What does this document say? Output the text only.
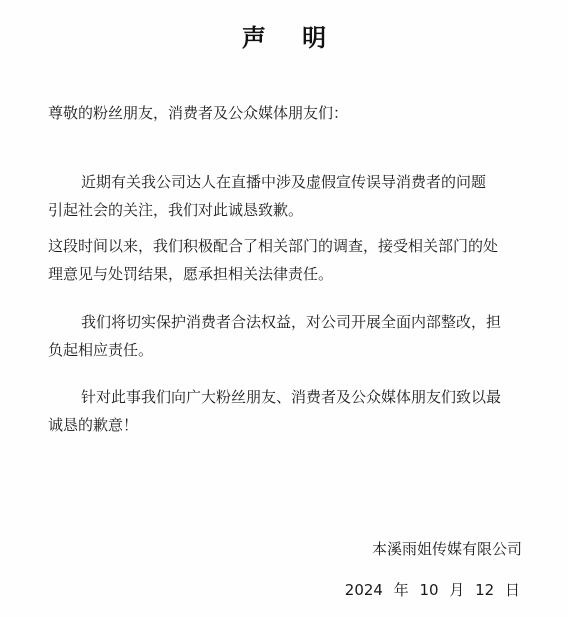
声 明
尊敬的粉丝朋友，消费者及公众媒体朋友们：
近期有关我公司达人在直播中涉及虚假宣传误导消费者的问题
引起社会的关注，我们对此诚恳致歉。
这段时间以来，我们积极配合了相关部门的调查，接受相关部门的处
理意见与处罚结果，愿承担相关法律责任。
我们将切实保护消费者合法权益，对公司开展全面内部整改，担
负起相应责任。
针对此事我们向广大粉丝朋友、消费者及公众媒体朋友们致以最
诚恳的歉意！
本溪雨姐传媒有限公司
2024 年 10 月 12 日
